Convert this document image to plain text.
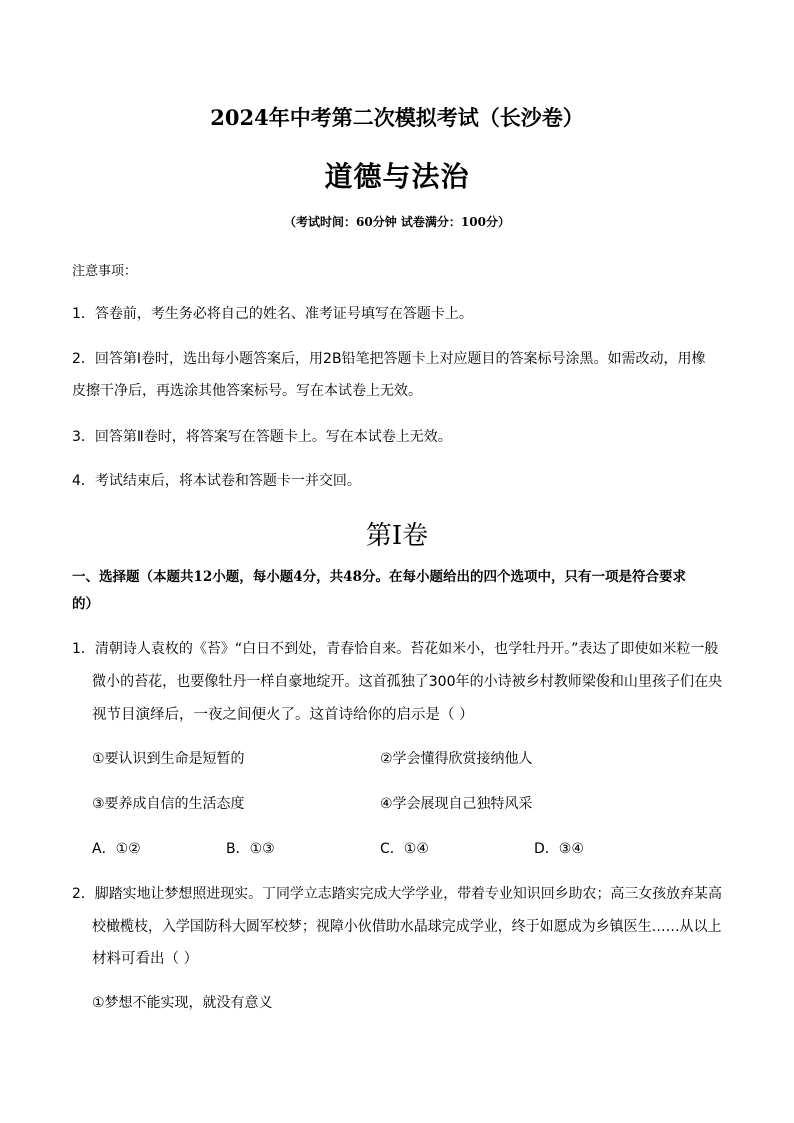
2024年中考第二次模拟考试（长沙卷）
道德与法治
（考试时间：60分钟 试卷满分：100分）
注意事项：
1．答卷前，考生务必将自己的姓名、准考证号填写在答题卡上。
2．回答第Ⅰ卷时，选出每小题答案后，用2B铅笔把答题卡上对应题目的答案标号涂黑。如需改动，用橡
皮擦干净后，再选涂其他答案标号。写在本试卷上无效。
3．回答第Ⅱ卷时，将答案写在答题卡上。写在本试卷上无效。
4．考试结束后，将本试卷和答题卡一并交回。
第Ⅰ卷
一、选择题（本题共12小题，每小题4分，共48分。在每小题给出的四个选项中，只有一项是符合要求
的）
1．清朝诗人袁枚的《苔》“白日不到处，青春恰自来。苔花如米小，也学牡丹开。”表达了即使如米粒一般
微小的苔花，也要像牡丹一样自豪地绽开。这首孤独了300年的小诗被乡村教师梁俊和山里孩子们在央
视节目演绎后，一夜之间便火了。这首诗给你的启示是（ ）
①要认识到生命是短暂的	②学会懂得欣赏接纳他人
③要养成自信的生活态度	④学会展现自己独特风采
A．①②	B．①③	C．①④	D．③④
2．脚踏实地让梦想照进现实。丁同学立志踏实完成大学学业，带着专业知识回乡助农；高三女孩放弃某高
校橄榄枝，入学国防科大圆军校梦；视障小伙借助水晶球完成学业，终于如愿成为乡镇医生……从以上
材料可看出（ ）
①梦想不能实现，就没有意义
